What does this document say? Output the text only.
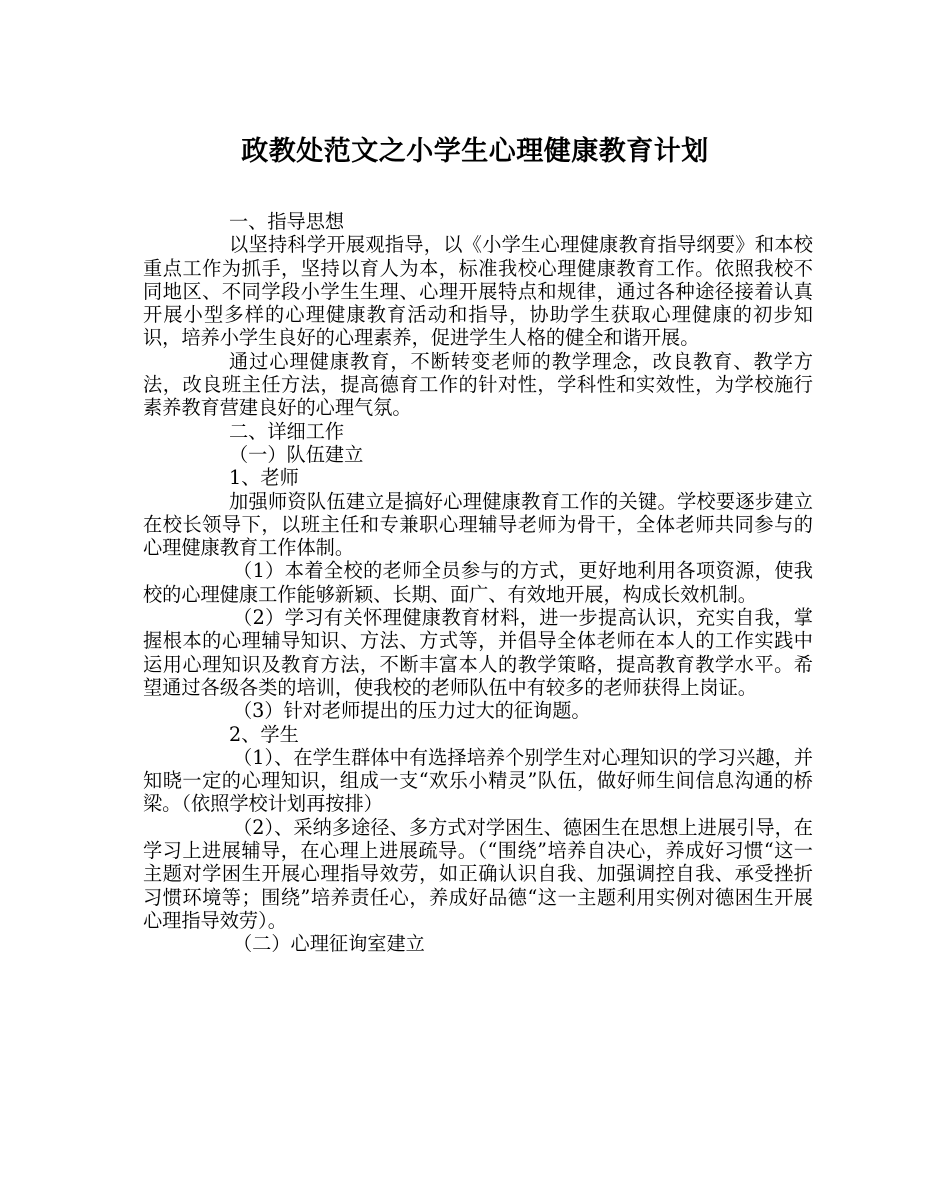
政教处范文之小学生心理健康教育计划

一、指导思想

以坚持科学开展观指导，以《小学生心理健康教育指导纲要》和本校重点工作为抓手，坚持以育人为本，标准我校心理健康教育工作。依照我校不同地区、不同学段小学生生理、心理开展特点和规律，通过各种途径接着认真开展小型多样的心理健康教育活动和指导，协助学生获取心理健康的初步知识，培养小学生良好的心理素养，促进学生人格的健全和谐开展。

通过心理健康教育，不断转变老师的教学理念，改良教育、教学方法，改良班主任方法，提高德育工作的针对性，学科性和实效性，为学校施行素养教育营建良好的心理气氛。

二、详细工作

（一）队伍建立

1、老师

加强师资队伍建立是搞好心理健康教育工作的关键。学校要逐步建立在校长领导下，以班主任和专兼职心理辅导老师为骨干，全体老师共同参与的心理健康教育工作体制。

（1）本着全校的老师全员参与的方式，更好地利用各项资源，使我校的心理健康工作能够新颖、长期、面广、有效地开展，构成长效机制。

（2）学习有关怀理健康教育材料，进一步提高认识，充实自我，掌握根本的心理辅导知识、方法、方式等，并倡导全体老师在本人的工作实践中运用心理知识及教育方法，不断丰富本人的教学策略，提高教育教学水平。希望通过各级各类的培训，使我校的老师队伍中有较多的老师获得上岗证。

（3）针对老师提出的压力过大的征询题。

2、学生

（1）、在学生群体中有选择培养个别学生对心理知识的学习兴趣，并知晓一定的心理知识，组成一支“欢乐小精灵”队伍，做好师生间信息沟通的桥梁。（依照学校计划再按排）

（2）、采纳多途径、多方式对学困生、德困生在思想上进展引导，在学习上进展辅导，在心理上进展疏导。（“围绕”培养自决心，养成好习惯“这一主题对学困生开展心理指导效劳，如正确认识自我、加强调控自我、承受挫折习惯环境等；围绕”培养责任心，养成好品德“这一主题利用实例对德困生开展心理指导效劳）。

（二）心理征询室建立
